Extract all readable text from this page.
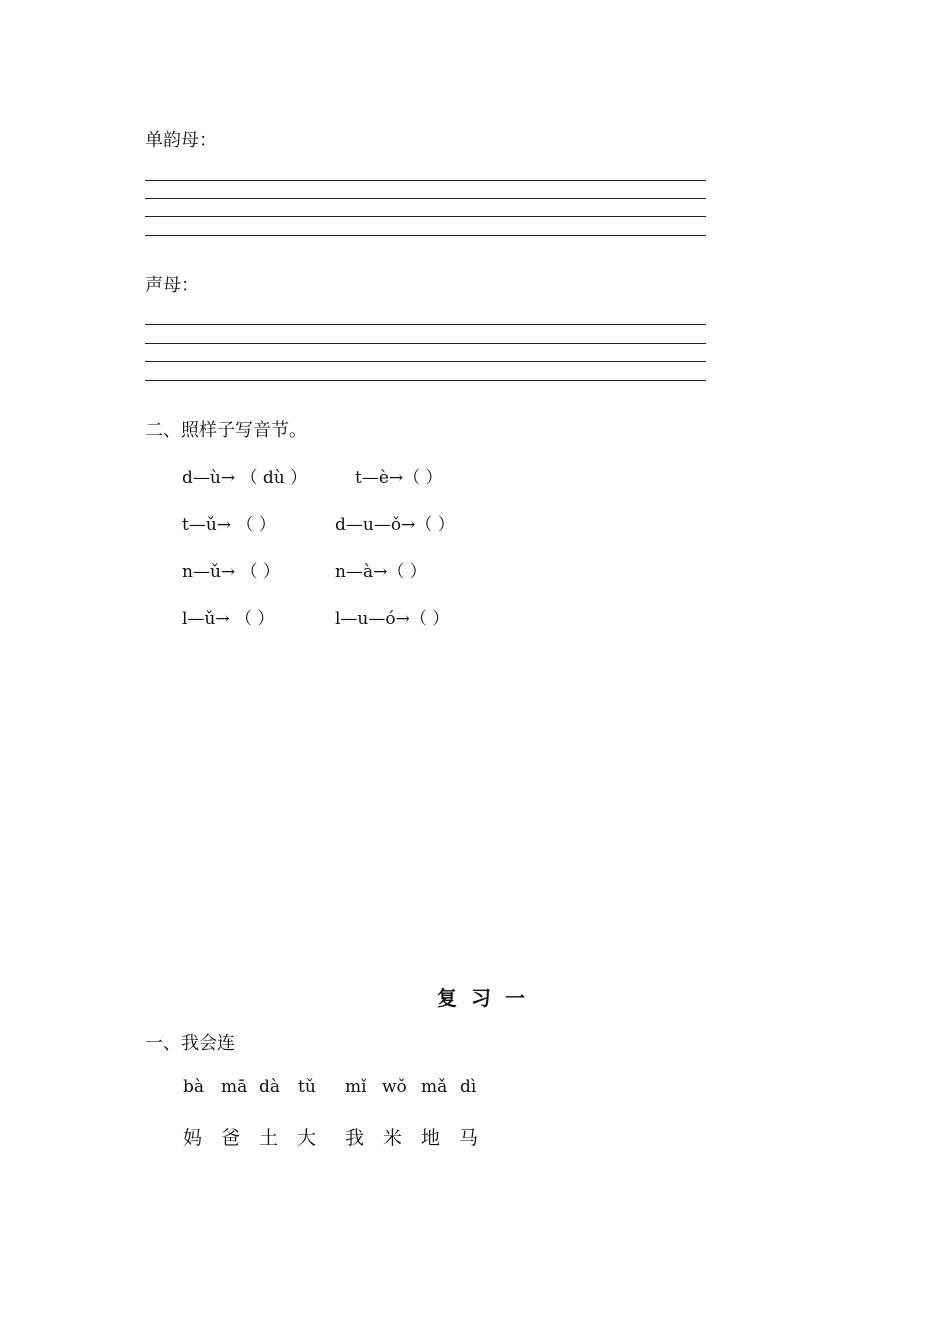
单韵母：
声母：
二、照样子写音节。
d—ù→ （ dù ）	t—è→（ ）
t—ǔ→ （ ）	d—u—ǒ→（ ）
n—ǔ→ （ ）	n—à→（ ）
l—ǔ→ （ ）	l—u—ó→（ ）
复习一
一、我会连
bà mā dà tǔ mǐ wǒ mǎ dì
妈 爸 土 大 我 米 地 马
